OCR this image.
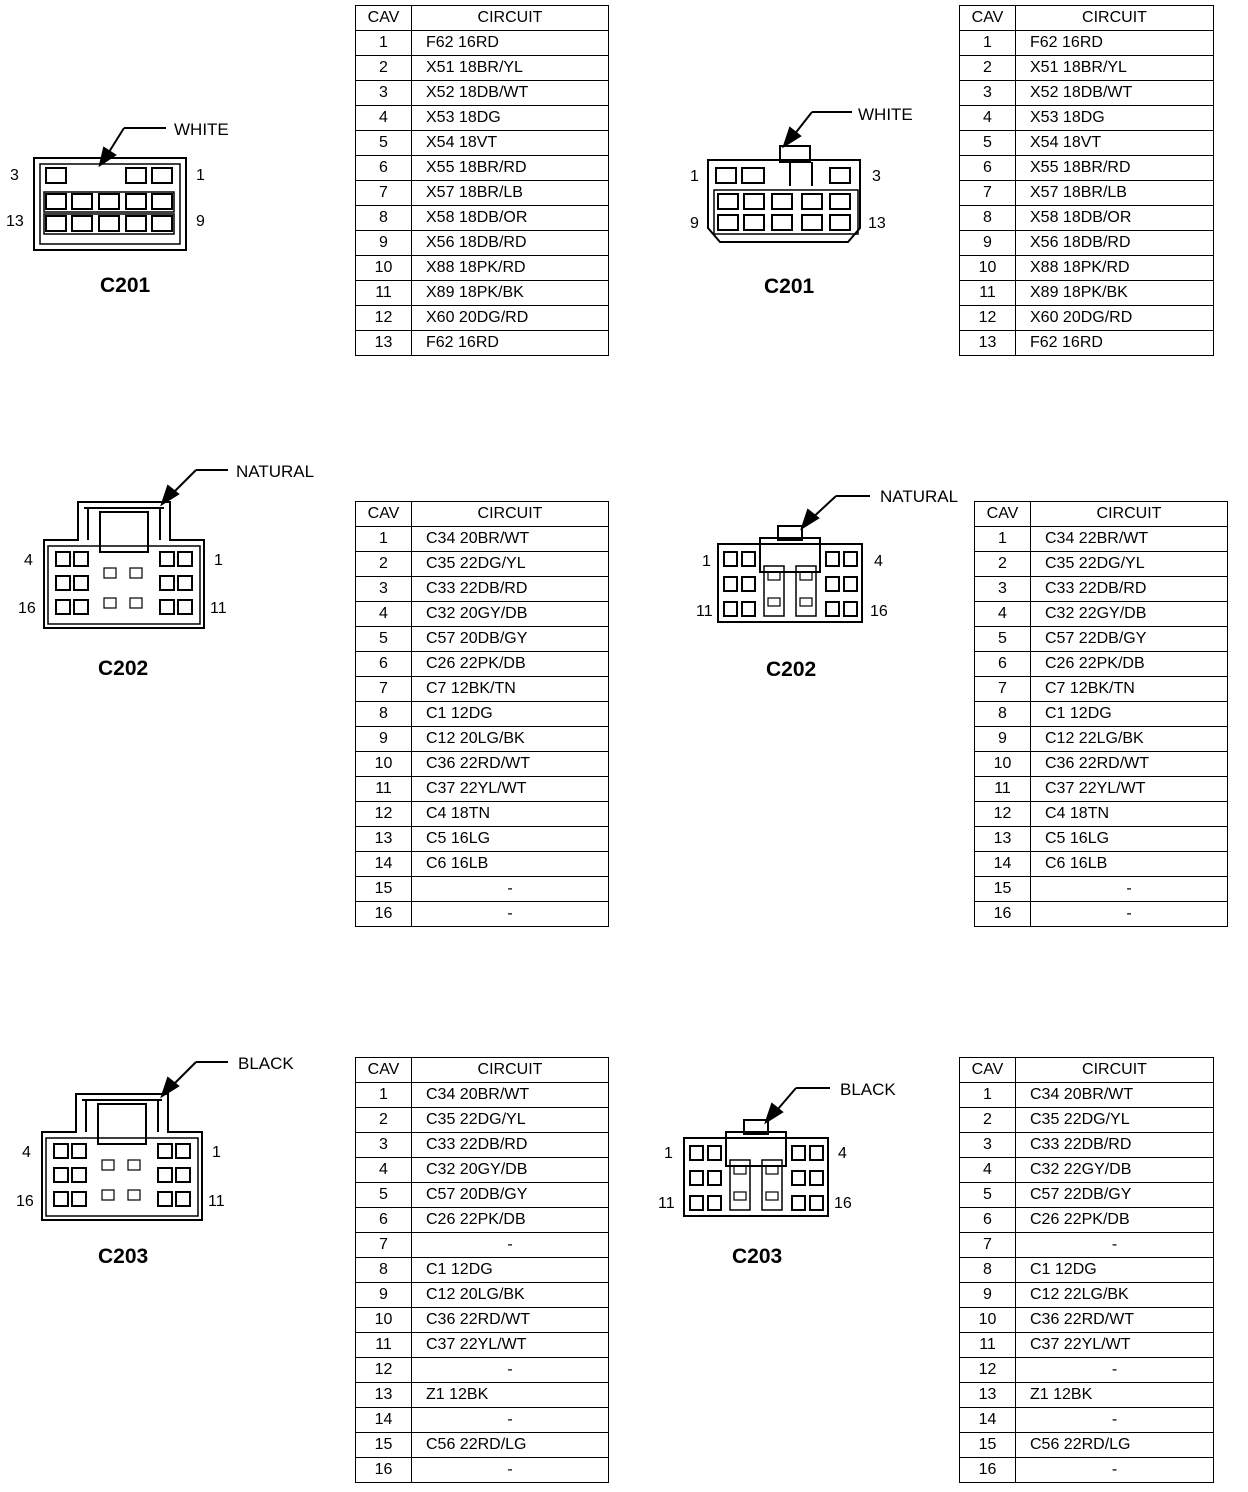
WHITE
3	1
13	9
C201
WHITE
1	3
9	13
C201
NATURAL
4	1
16	11
C202
NATURAL
1	4
11	16
C202
BLACK
4	1
16	11
C203
BLACK
1	4
11	16
C203
CAV	CIRCUIT
1	F62 16RD
2	X51 18BR/YL
3	X52 18DB/WT
4	X53 18DG
5	X54 18VT
6	X55 18BR/RD
7	X57 18BR/LB
8	X58 18DB/OR
9	X56 18DB/RD
10	X88 18PK/RD
11	X89 18PK/BK
12	X60 20DG/RD
13	F62 16RD
CAV	CIRCUIT
1	F62 16RD
2	X51 18BR/YL
3	X52 18DB/WT
4	X53 18DG
5	X54 18VT
6	X55 18BR/RD
7	X57 18BR/LB
8	X58 18DB/OR
9	X56 18DB/RD
10	X88 18PK/RD
11	X89 18PK/BK
12	X60 20DG/RD
13	F62 16RD
CAV	CIRCUIT
1	C34 20BR/WT
2	C35 22DG/YL
3	C33 22DB/RD
4	C32 20GY/DB
5	C57 20DB/GY
6	C26 22PK/DB
7	C7 12BK/TN
8	C1 12DG
9	C12 20LG/BK
10	C36 22RD/WT
11	C37 22YL/WT
12	C4 18TN
13	C5 16LG
14	C6 16LB
15	-
16	-
CAV	CIRCUIT
1	C34 22BR/WT
2	C35 22DG/YL
3	C33 22DB/RD
4	C32 22GY/DB
5	C57 22DB/GY
6	C26 22PK/DB
7	C7 12BK/TN
8	C1 12DG
9	C12 22LG/BK
10	C36 22RD/WT
11	C37 22YL/WT
12	C4 18TN
13	C5 16LG
14	C6 16LB
15	-
16	-
CAV	CIRCUIT
1	C34 20BR/WT
2	C35 22DG/YL
3	C33 22DB/RD
4	C32 20GY/DB
5	C57 20DB/GY
6	C26 22PK/DB
7	-
8	C1 12DG
9	C12 20LG/BK
10	C36 22RD/WT
11	C37 22YL/WT
12	-
13	Z1 12BK
14	-
15	C56 22RD/LG
16	-
CAV	CIRCUIT
1	C34 20BR/WT
2	C35 22DG/YL
3	C33 22DB/RD
4	C32 22GY/DB
5	C57 22DB/GY
6	C26 22PK/DB
7	-
8	C1 12DG
9	C12 22LG/BK
10	C36 22RD/WT
11	C37 22YL/WT
12	-
13	Z1 12BK
14	-
15	C56 22RD/LG
16	-
